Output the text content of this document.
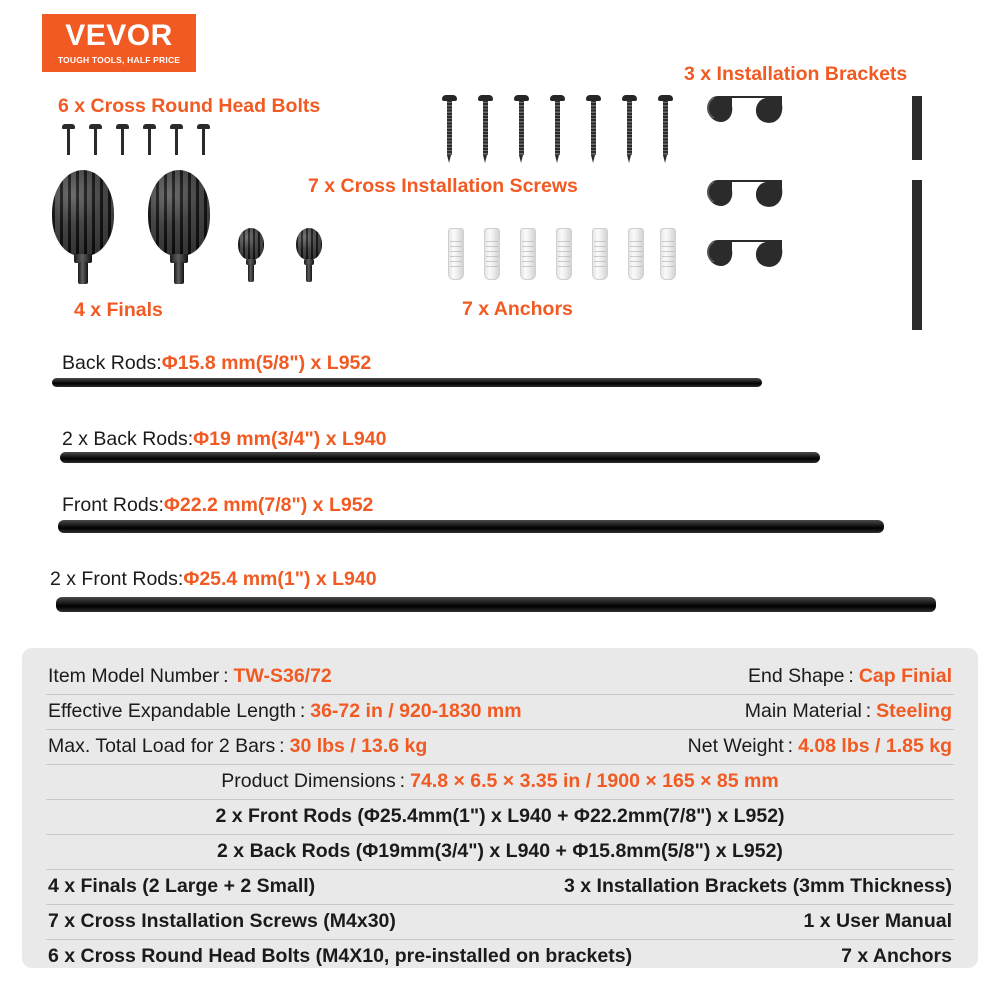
VEVOR
TOUGH TOOLS, HALF PRICE
6 x Cross Round Head Bolts
7 x Cross Installation Screws
3 x Installation Brackets
4 x Finals	7 x Anchors
Back Rods : Φ15.8 mm(5/8") x L952
2 x Back Rods : Φ19 mm(3/4") x L940
Front Rods : Φ22.2 mm(7/8") x L952
2 x Front Rods : Φ25.4 mm(1") x L940
Item Model Number : TW-S36/72	End Shape : Cap Finial
Effective Expandable Length : 36-72 in / 920-1830 mm	Main Material : Steeling
Max. Total Load for 2 Bars : 30 lbs / 13.6 kg	Net Weight : 4.08 lbs / 1.85 kg
Product Dimensions : 74.8 × 6.5 × 3.35 in / 1900 × 165 × 85 mm
2 x Front Rods (Φ25.4mm(1") x L940 + Φ22.2mm(7/8") x L952)
2 x Back Rods (Φ19mm(3/4") x L940 + Φ15.8mm(5/8") x L952)
4 x Finals (2 Large + 2 Small)	3 x Installation Brackets (3mm Thickness)
7 x Cross Installation Screws (M4x30)	1 x User Manual
6 x Cross Round Head Bolts (M4X10, pre-installed on brackets)	7 x Anchors
